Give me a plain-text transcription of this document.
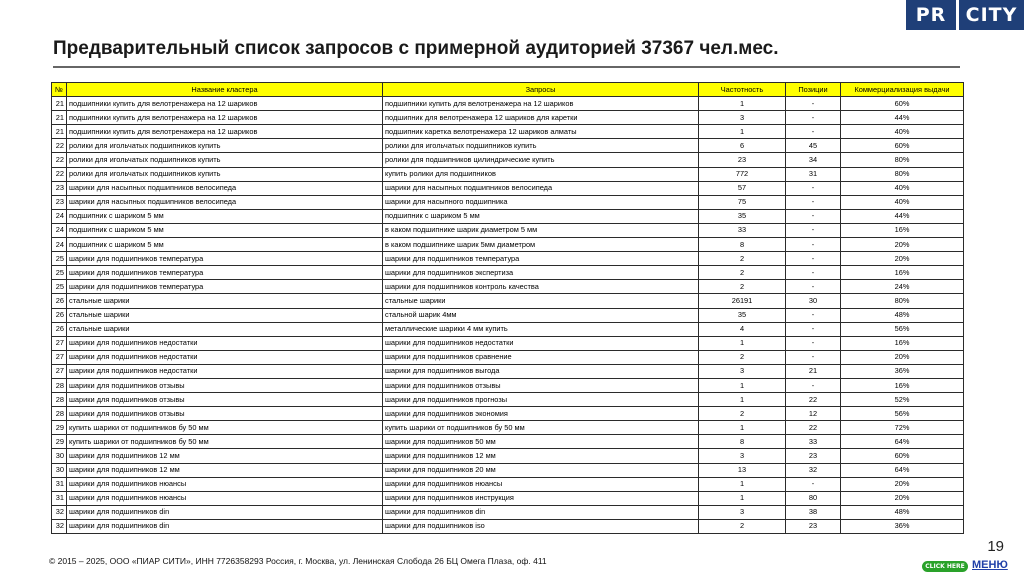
PR	CITY
Предварительный список запросов с примерной аудиторией 37367 чел.мес.
№	Название кластера	Запросы	Частотность	Позиции	Коммерциализация выдачи
21	подшипники купить для велотренажера на 12 шариков	подшипники купить для велотренажера на 12 шариков	1	-	60%
21	подшипники купить для велотренажера на 12 шариков	подшипник для велотренажера 12 шариков для каретки	3	-	44%
21	подшипники купить для велотренажера на 12 шариков	подшипник каретка велотренажера 12 шариков алматы	1	-	40%
22	ролики для игольчатых подшипников купить	ролики для игольчатых подшипников купить	6	45	60%
22	ролики для игольчатых подшипников купить	ролики для подшипников цилиндрические купить	23	34	80%
22	ролики для игольчатых подшипников купить	купить ролики для подшипников	772	31	80%
23	шарики для насыпных подшипников велосипеда	шарики для насыпных подшипников велосипеда	57	-	40%
23	шарики для насыпных подшипников велосипеда	шарики для насыпного подшипника	75	-	40%
24	подшипник с шариком 5 мм	подшипник с шариком 5 мм	35	-	44%
24	подшипник с шариком 5 мм	в каком подшипнике шарик диаметром 5 мм	33	-	16%
24	подшипник с шариком 5 мм	в каком подшипнике шарик 5мм диаметром	8	-	20%
25	шарики для подшипников температура	шарики для подшипников температура	2	-	20%
25	шарики для подшипников температура	шарики для подшипников экспертиза	2	-	16%
25	шарики для подшипников температура	шарики для подшипников контроль качества	2	-	24%
26	стальные шарики	стальные шарики	26191	30	80%
26	стальные шарики	стальной шарик 4мм	35	-	48%
26	стальные шарики	металлические шарики 4 мм купить	4	-	56%
27	шарики для подшипников недостатки	шарики для подшипников недостатки	1	-	16%
27	шарики для подшипников недостатки	шарики для подшипников сравнение	2	-	20%
27	шарики для подшипников недостатки	шарики для подшипников выгода	3	21	36%
28	шарики для подшипников отзывы	шарики для подшипников отзывы	1	-	16%
28	шарики для подшипников отзывы	шарики для подшипников прогнозы	1	22	52%
28	шарики для подшипников отзывы	шарики для подшипников экономия	2	12	56%
29	купить шарики от подшипников бу 50 мм	купить шарики от подшипников бу 50 мм	1	22	72%
29	купить шарики от подшипников бу 50 мм	шарики для подшипников 50 мм	8	33	64%
30	шарики для подшипников 12 мм	шарики для подшипников 12 мм	3	23	60%
30	шарики для подшипников 12 мм	шарики для подшипников 20 мм	13	32	64%
31	шарики для подшипников нюансы	шарики для подшипников нюансы	1	-	20%
31	шарики для подшипников нюансы	шарики для подшипников инструкция	1	80	20%
32	шарики для подшипников din	шарики для подшипников din	3	38	48%
32	шарики для подшипников din	шарики для подшипников iso	2	23	36%
© 2015 – 2025, ООО «ПИАР СИТИ», ИНН 7726358293 Россия, г. Москва, ул. Ленинская Слобода 26 БЦ Омега Плаза, оф. 411
19
CLICK HERE МЕНЮ
